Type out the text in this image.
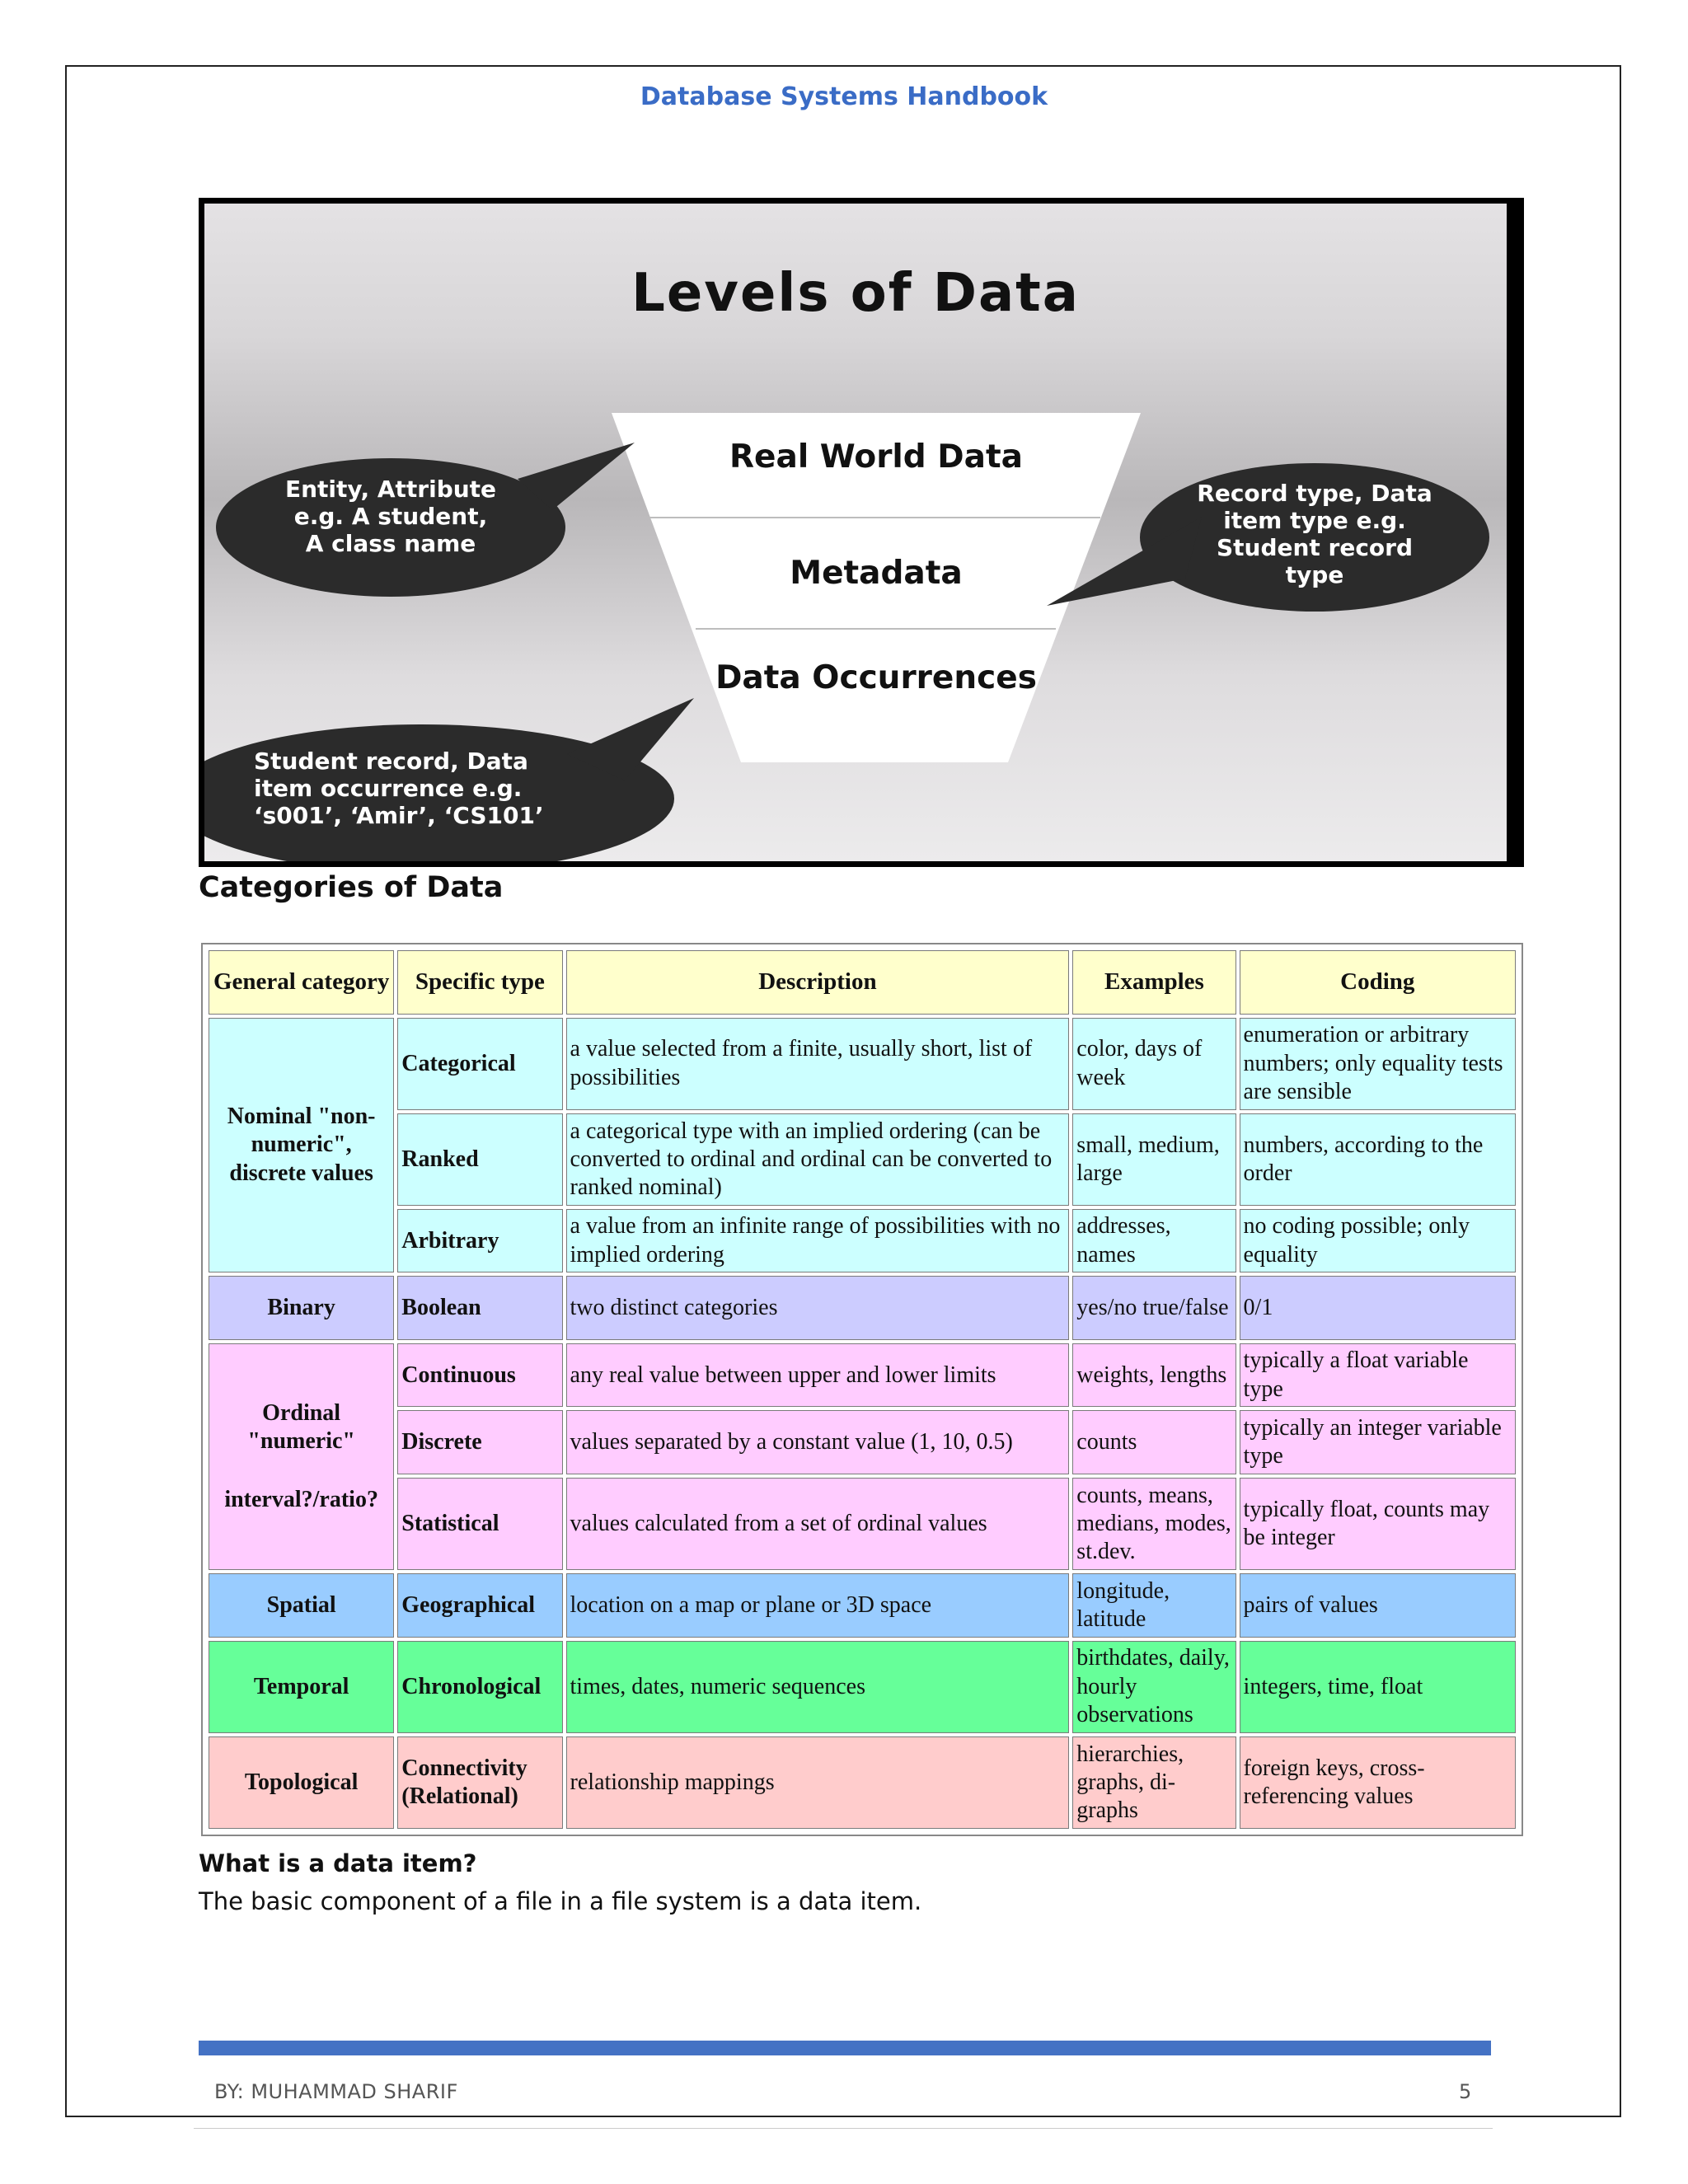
Database Systems Handbook
Levels of Data
Real World Data
Metadata
Data Occurrences
Entity, Attribute
e.g. A student,
A class name
Record type, Data
item type e.g.
Student record
type
Student record, Data
item occurrence e.g.
‘s001’, ‘Amir’, ‘CS101’
Categories of Data
General category	Specific type	Description	Examples	Coding
Nominal "non-numeric", discrete values	Categorical	a value selected from a finite, usually short, list of possibilities	color, days of week	enumeration or arbitrary numbers; only equality tests are sensible
	Ranked	a categorical type with an implied ordering (can be converted to ordinal and ordinal can be converted to ranked nominal)	small, medium, large	numbers, according to the order
	Arbitrary	a value from an infinite range of possibilities with no implied ordering	addresses, names	no coding possible; only equality
Binary	Boolean	two distinct categories	yes/no true/false	0/1

Ordinal "numeric"
interval?/ratio?	Continuous	any real value between upper and lower limits	weights, lengths	typically a float variable type
	Discrete	values separated by a constant value (1, 10, 0.5)	counts	typically an integer variable type
	Statistical	values calculated from a set of ordinal values	counts, means, medians, modes, st.dev.	typically float, counts may be integer
Spatial	Geographical	location on a map or plane or 3D space	longitude, latitude	pairs of values
Temporal	Chronological	times, dates, numeric sequences	birthdates, daily, hourly observations	integers, time, float
Topological	Connectivity (Relational)	relationship mappings	hierarchies, graphs, di-graphs	foreign keys, cross-referencing values
What is a data item?
The basic component of a file in a file system is a data item.
BY: MUHAMMAD SHARIF	5
